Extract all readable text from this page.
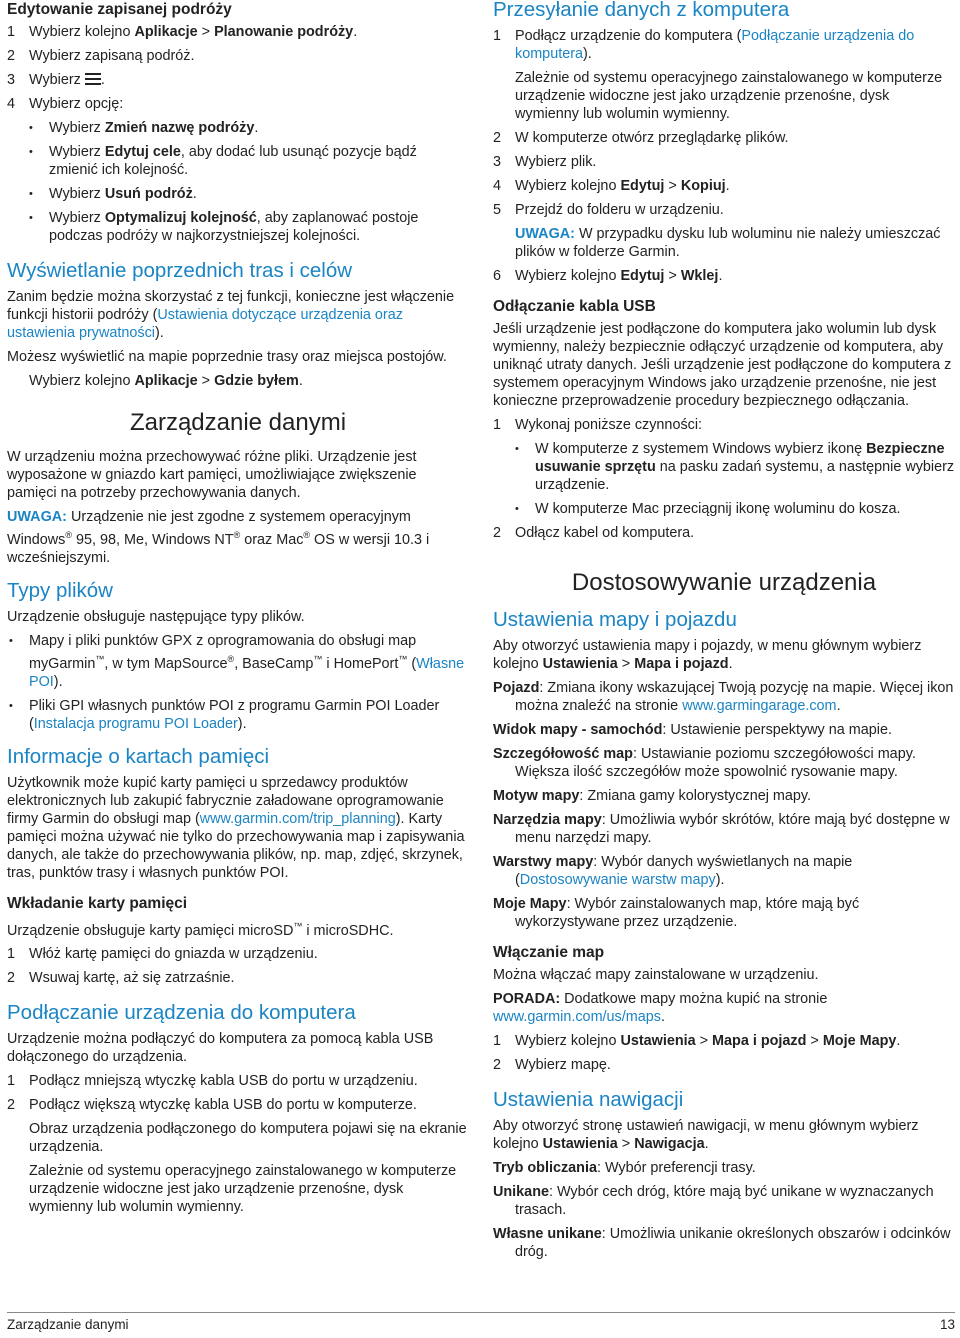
Edytowanie zapisanej podróży
1 Wybierz kolejno Aplikacje > Planowanie podróży.
2 Wybierz zapisaną podróż.
3 Wybierz .
4 Wybierz opcję:
• Wybierz Zmień nazwę podróży.
• Wybierz Edytuj cele, aby dodać lub usunąć pozycje bądź zmienić ich kolejność.
• Wybierz Usuń podróż.
• Wybierz Optymalizuj kolejność, aby zaplanować postoje podczas podróży w najkorzystniejszej kolejności.
Wyświetlanie poprzednich tras i celów

Zanim będzie można skorzystać z tej funkcji, konieczne jest włączenie funkcji historii podróży (Ustawienia dotyczące urządzenia oraz ustawienia prywatności).

Możesz wyświetlić na mapie poprzednie trasy oraz miejsca postojów.

Wybierz kolejno Aplikacje > Gdzie byłem.

Zarządzanie danymi

W urządzeniu można przechowywać różne pliki. Urządzenie jest wyposażone w gniazdo kart pamięci, umożliwiające zwiększenie pamięci na potrzeby przechowywania danych.

UWAGA: Urządzenie nie jest zgodne z systemem operacyjnym Windows® 95, 98, Me, Windows NT® oraz Mac® OS w wersji 10.3 i wcześniejszymi.

Typy plików

Urządzenie obsługuje następujące typy plików.

• Mapy i pliki punktów GPX z oprogramowania do obsługi map myGarmin™, w tym MapSource®, BaseCamp™ i HomePort™ (Własne POI).
• Pliki GPI własnych punktów POI z programu Garmin POI Loader (Instalacja programu POI Loader).
Informacje o kartach pamięci

Użytkownik może kupić karty pamięci u sprzedawcy produktów elektronicznych lub zakupić fabrycznie załadowane oprogramowanie firmy Garmin do obsługi map (www.garmin.com/trip_planning). Karty pamięci można używać nie tylko do przechowywania map i zapisywania danych, ale także do przechowywania plików, np. map, zdjęć, skrzynek, tras, punktów trasy i własnych punktów POI.

Wkładanie karty pamięci

Urządzenie obsługuje karty pamięci microSD™ i microSDHC.

1 Włóż kartę pamięci do gniazda w urządzeniu.
2 Wsuwaj kartę, aż się zatrzaśnie.
Podłączanie urządzenia do komputera

Urządzenie można podłączyć do komputera za pomocą kabla USB dołączonego do urządzenia.

1 Podłącz mniejszą wtyczkę kabla USB do portu w urządzeniu.
2 Podłącz większą wtyczkę kabla USB do portu w komputerze.

Obraz urządzenia podłączonego do komputera pojawi się na ekranie urządzenia.

Zależnie od systemu operacyjnego zainstalowanego w komputerze urządzenie widoczne jest jako urządzenie przenośne, dysk wymienny lub wolumin wymienny.

Przesyłanie danych z komputera
1 Podłącz urządzenie do komputera (Podłączanie urządzenia do komputera).

Zależnie od systemu operacyjnego zainstalowanego w komputerze urządzenie widoczne jest jako urządzenie przenośne, dysk wymienny lub wolumin wymienny.

2 W komputerze otwórz przeglądarkę plików.
3 Wybierz plik.
4 Wybierz kolejno Edytuj > Kopiuj.
5 Przejdź do folderu w urządzeniu.

UWAGA: W przypadku dysku lub woluminu nie należy umieszczać plików w folderze Garmin.

6 Wybierz kolejno Edytuj > Wklej.
Odłączanie kabla USB

Jeśli urządzenie jest podłączone do komputera jako wolumin lub dysk wymienny, należy bezpiecznie odłączyć urządzenie od komputera, aby uniknąć utraty danych. Jeśli urządzenie jest podłączone do komputera z systemem operacyjnym Windows jako urządzenie przenośne, nie jest konieczne przeprowadzenie procedury bezpiecznego odłączania.

1 Wykonaj poniższe czynności:
• W komputerze z systemem Windows wybierz ikonę Bezpieczne usuwanie sprzętu na pasku zadań systemu, a następnie wybierz urządzenie.
• W komputerze Mac przeciągnij ikonę woluminu do kosza.
2 Odłącz kabel od komputera.
Dostosowywanie urządzenia
Ustawienia mapy i pojazdu

Aby otworzyć ustawienia mapy i pojazdy, w menu głównym wybierz kolejno Ustawienia > Mapa i pojazd.

Pojazd: Zmiana ikony wskazującej Twoją pozycję na mapie. Więcej ikon można znaleźć na stronie www.garmingarage.com.

Widok mapy - samochód: Ustawienie perspektywy na mapie.

Szczegółowość map: Ustawianie poziomu szczegółowości mapy. Większa ilość szczegółów może spowolnić rysowanie mapy.

Motyw mapy: Zmiana gamy kolorystycznej mapy.

Narzędzia mapy: Umożliwia wybór skrótów, które mają być dostępne w menu narzędzi mapy.

Warstwy mapy: Wybór danych wyświetlanych na mapie (Dostosowywanie warstw mapy).

Moje Mapy: Wybór zainstalowanych map, które mają być wykorzystywane przez urządzenie.

Włączanie map

Można włączać mapy zainstalowane w urządzeniu.

PORADA: Dodatkowe mapy można kupić na stronie www.garmin.com/us/maps.

1 Wybierz kolejno Ustawienia > Mapa i pojazd > Moje Mapy.
2 Wybierz mapę.
Ustawienia nawigacji

Aby otworzyć stronę ustawień nawigacji, w menu głównym wybierz kolejno Ustawienia > Nawigacja.

Tryb obliczania: Wybór preferencji trasy.

Unikane: Wybór cech dróg, które mają być unikane w wyznaczanych trasach.

Własne unikane: Umożliwia unikanie określonych obszarów i odcinków dróg.

Zarządzanie danymi	13
